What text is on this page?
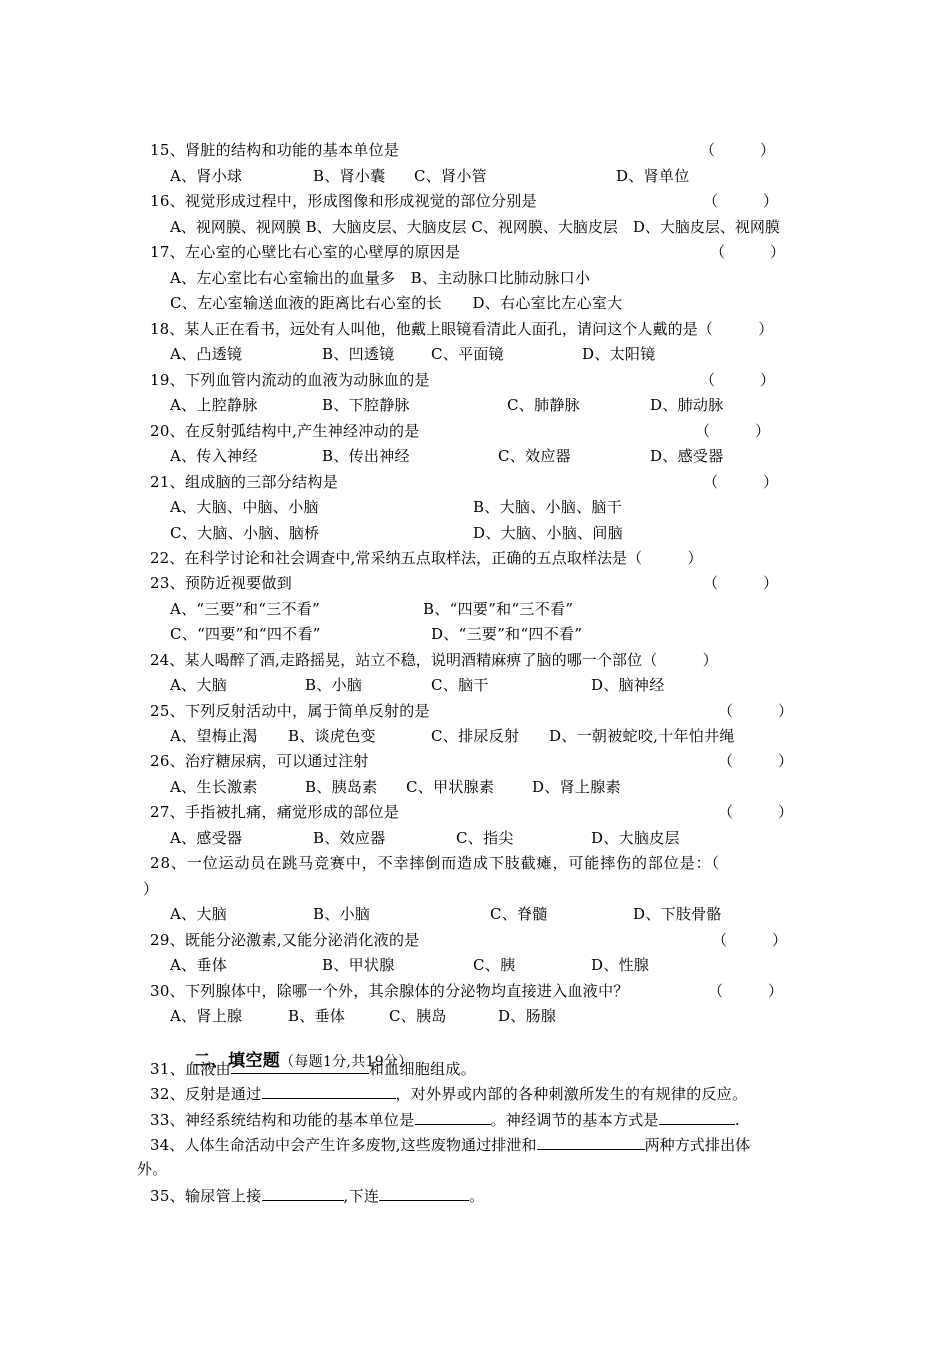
15、肾脏的结构和功能的基本单位是	（　　　）
A、肾小球	B、肾小囊 C、肾小管	D、肾单位
16、视觉形成过程中，形成图像和形成视觉的部位分别是	（　　　）
A、视网膜、视网膜 B、大脑皮层、大脑皮层 C、视网膜、大脑皮层　D、大脑皮层、视网膜
17、左心室的心壁比右心室的心壁厚的原因是	（　　　）
A、左心室比右心室输出的血量多　B、主动脉口比肺动脉口小
C、左心室输送血液的距离比右心室的长　　D、右心室比左心室大
18、某人正在看书，远处有人叫他，他戴上眼镜看清此人面孔，请问这个人戴的是（　　　）
A、凸透镜	B、凹透镜 C、平面镜	D、太阳镜
19、下列血管内流动的血液为动脉血的是	（　　　）
A、上腔静脉	B、下腔静脉	C、肺静脉	D、肺动脉
20、在反射弧结构中,产生神经冲动的是	（　　　）
A、传入神经	B、传出神经	C、效应器	D、感受器
21、组成脑的三部分结构是	（　　　）
A、大脑、中脑、小脑	B、大脑、小脑、脑干
C、大脑、小脑、脑桥	D、大脑、小脑、间脑
22、在科学讨论和社会调查中,常采纳五点取样法，正确的五点取样法是（　　　）
23、预防近视要做到	（　　　）
A、“三要”和“三不看”	B、“四要”和“三不看”
C、“四要”和“四不看”	D、“三要”和“四不看”
24、某人喝醉了酒,走路摇晃，站立不稳，说明酒精麻痹了脑的哪一个部位（　　　）
A、大脑	B、小脑	C、脑干	D、脑神经
25、下列反射活动中，属于简单反射的是	（　　　）
A、望梅止渴 B、谈虎色变	C、排尿反射 D、一朝被蛇咬,十年怕井绳
26、治疗糖尿病，可以通过注射	（　　　）
A、生长激素	B、胰岛素 C、甲状腺素	D、肾上腺素
27、手指被扎痛，痛觉形成的部位是	（　　　）
A、感受器	B、效应器	C、指尖	D、大脑皮层
28、一位运动员在跳马竞赛中，不幸摔倒而造成下肢截瘫，可能摔伤的部位是：（
）
A、大脑	B、小脑	C、脊髓	D、下肢骨骼
29、既能分泌激素,又能分泌消化液的是	（　　　）
A、垂体	B、甲状腺	C、胰	D、性腺
30、下列腺体中，除哪一个外，其余腺体的分泌物均直接进入血液中？	（　　　）
A、肾上腺	B、垂体	C、胰岛	D、肠腺

二、填空题（每题1分,共19分）

31、血液由	和血细胞组成。
32、反射是通过	，对外界或内部的各种刺激所发生的有规律的反应。
33、神经系统结构和功能的基本单位是	。神经调节的基本方式是	.
34、人体生命活动中会产生许多废物,这些废物通过排泄和	两种方式排出体
外。
35、输尿管上接	,下连	。
